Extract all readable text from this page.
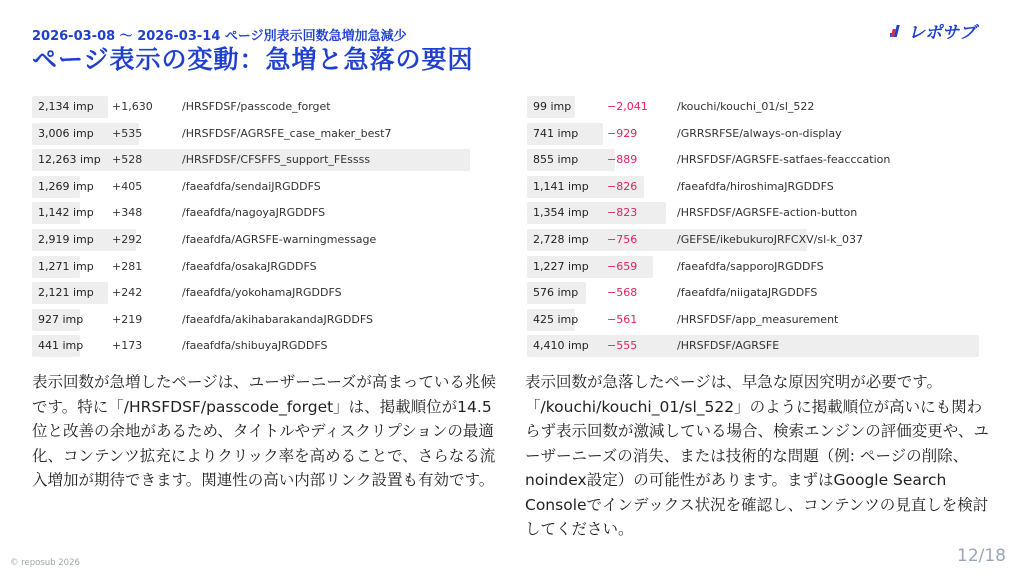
2026-03-08 ～ 2026-03-14 ページ別表示回数急増加急減少
ページ表示の変動：急増と急落の要因
レポサブ
2,134 imp +1,630	/HRSFDSF/passcode_forget
3,006 imp +535	/HRSFDSF/AGRSFE_case_maker_best7
12,263 imp +528	/HRSFDSF/CFSFFS_support_FEssss
1,269 imp +405	/faeafdfa/sendaiJRGDDFS
1,142 imp +348	/faeafdfa/nagoyaJRGDDFS
2,919 imp +292	/faeafdfa/AGRSFE-warningmessage
1,271 imp +281	/faeafdfa/osakaJRGDDFS
2,121 imp +242	/faeafdfa/yokohamaJRGDDFS
927 imp	+219	/faeafdfa/akihabarakandaJRGDDFS
441 imp	+173	/faeafdfa/shibuyaJRGDDFS
99 imp	−2,041	/kouchi/kouchi_01/sl_522
741 imp	−929	/GRRSRFSE/always-on-display
855 imp	−889	/HRSFDSF/AGRSFE-satfaes-feacccation
1,141 imp −826	/faeafdfa/hiroshimaJRGDDFS
1,354 imp −823	/HRSFDSF/AGRSFE-action-button
2,728 imp −756	/GEFSE/ikebukuroJRFCXV/sl-k_037
1,227 imp −659	/faeafdfa/sapporoJRGDDFS
576 imp	−568	/faeafdfa/niigataJRGDDFS
425 imp	−561	/HRSFDSF/app_measurement
4,410 imp −555	/HRSFDSF/AGRSFE

表示回数が急増したページは、ユーザーニーズが高まっている兆候です。特に「/HRSFDSF/passcode_forget」は、掲載順位が14.5位と改善の余地があるため、タイトルやディスクリプションの最適化、コンテンツ拡充によりクリック率を高めることで、さらなる流入増加が期待できます。関連性の高い内部リンク設置も有効です。

表示回数が急落したページは、早急な原因究明が必要です。「/kouchi/kouchi_01/sl_522」のように掲載順位が高いにも関わらず表示回数が激減している場合、検索エンジンの評価変更や、ユーザーニーズの消失、または技術的な問題（例: ページの削除、noindex設定）の可能性があります。まずはGoogle Search Consoleでインデックス状況を確認し、コンテンツの見直しを検討してください。

© reposub 2026	12/18
